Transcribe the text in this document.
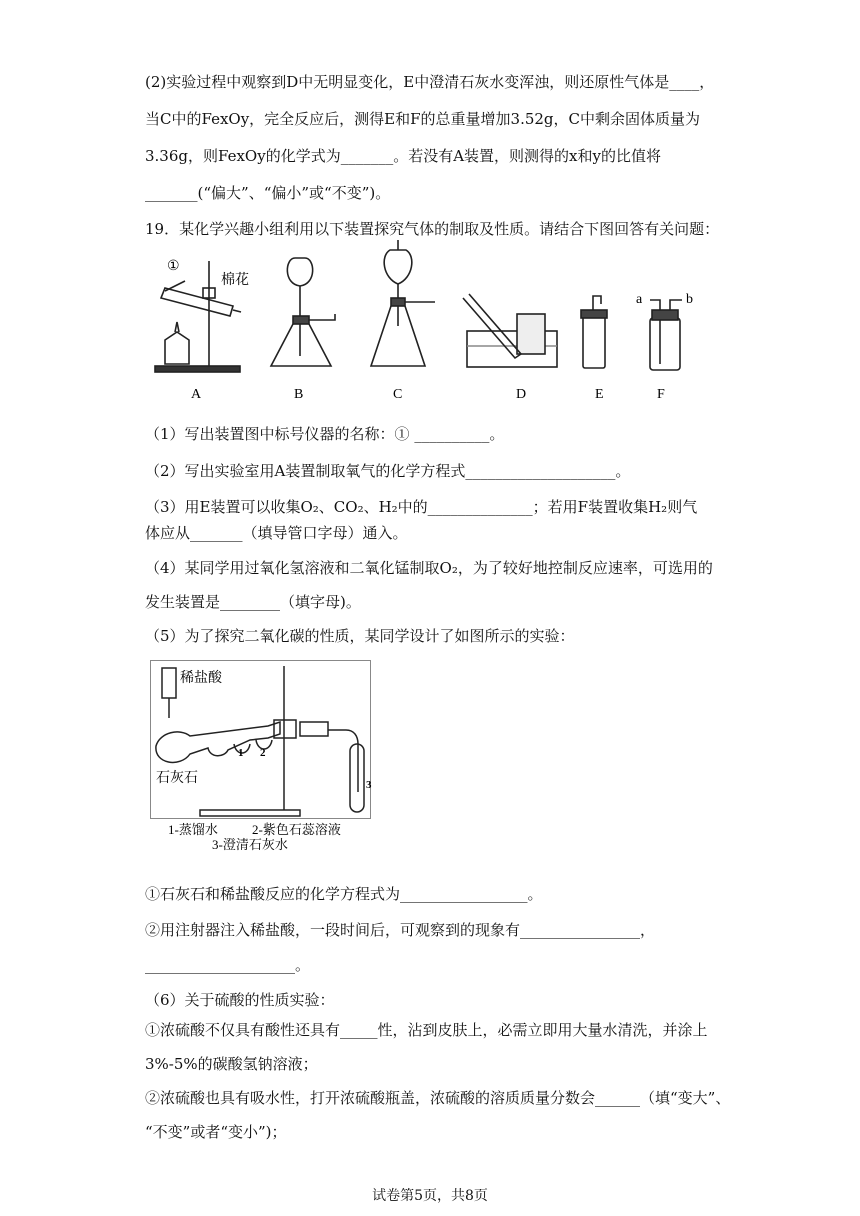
(2)实验过程中观察到D中无明显变化，E中澄清石灰水变浑浊，则还原性气体是____，
当C中的FexOy，完全反应后，测得E和F的总重量增加3.52g，C中剩余固体质量为
3.36g，则FexOy的化学式为_______。若没有A装置，则测得的x和y的比值将
_______(“偏大”、“偏小”或“不变”)。
19．某化学兴趣小组利用以下装置探究气体的制取及性质。请结合下图回答有关问题：
①
棉花
a	b
A	B	C	D	E	F
（1）写出装置图中标号仪器的名称：① __________。
（2）写出实验室用A装置制取氧气的化学方程式____________________。
（3）用E装置可以收集O₂、CO₂、H₂中的______________；若用F装置收集H₂则气
体应从_______（填导管口字母）通入。
（4）某同学用过氧化氢溶液和二氧化锰制取O₂，为了较好地控制反应速率，可选用的
发生装置是________（填字母)。
（5）为了探究二氧化碳的性质，某同学设计了如图所示的实验：
稀盐酸
石灰石
1 2
3
1-蒸馏水	2-紫色石蕊溶液
3-澄清石灰水
①石灰石和稀盐酸反应的化学方程式为_________________。
②用注射器注入稀盐酸，一段时间后，可观察到的现象有________________，
____________________。
（6）关于硫酸的性质实验：
①浓硫酸不仅具有酸性还具有_____性，沾到皮肤上，必需立即用大量水清洗，并涂上
3%-5%的碳酸氢钠溶液；
②浓硫酸也具有吸水性，打开浓硫酸瓶盖，浓硫酸的溶质质量分数会______（填“变大”、
“不变”或者“变小”)；
试卷第5页，共8页
